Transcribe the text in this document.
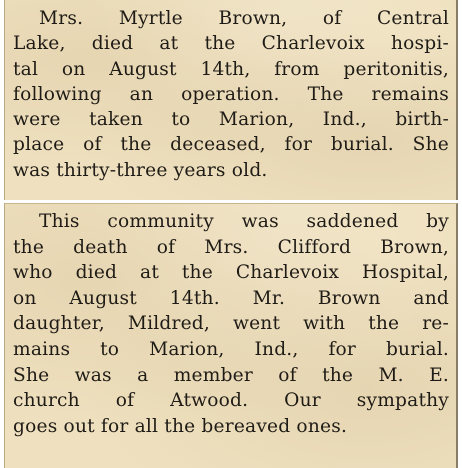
Mrs. Myrtle Brown, of Central
Lake, died at the Charlevoix hospi-
tal on August 14th, from peritonitis,
following an operation. The remains
were taken to Marion, Ind., birth-
place of the deceased, for burial. She
was thirty-three years old.
This community was saddened by
the death of Mrs. Clifford Brown,
who died at the Charlevoix Hospital,
on August 14th. Mr. Brown and
daughter, Mildred, went with the re-
mains to Marion, Ind., for burial.
She was a member of the M. E.
church of Atwood. Our sympathy
goes out for all the bereaved ones.
